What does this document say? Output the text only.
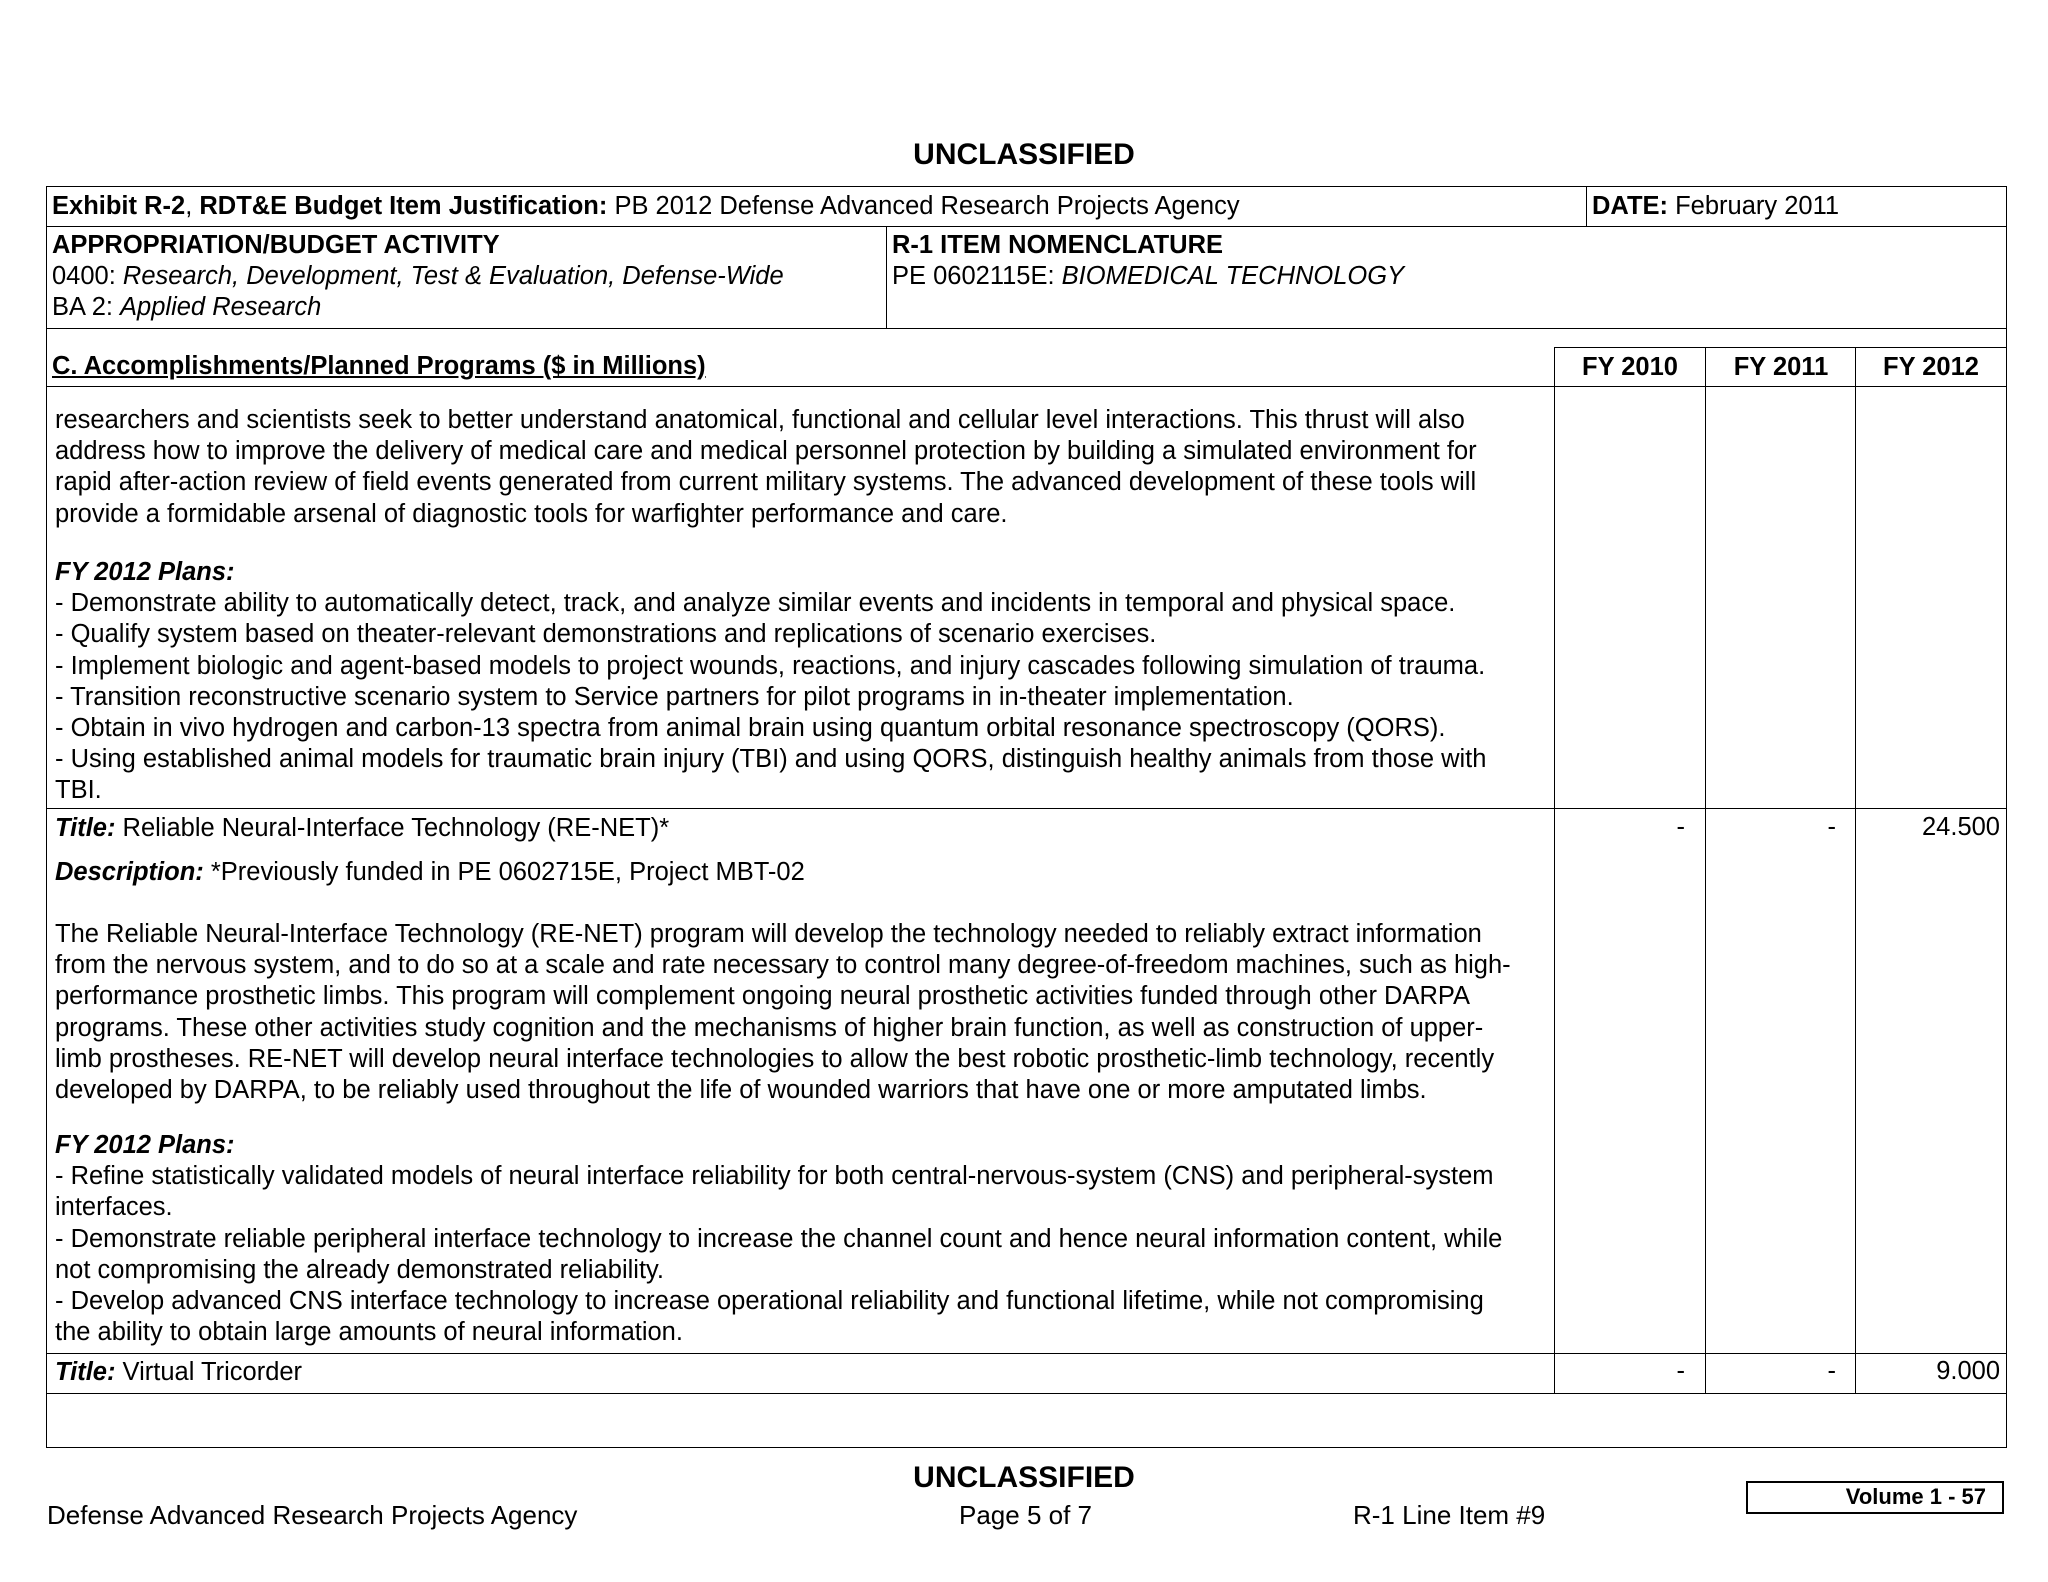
UNCLASSIFIED
Exhibit R-2, RDT&E Budget Item Justification: PB 2012 Defense Advanced Research Projects Agency	DATE: February 2011
APPROPRIATION/BUDGET ACTIVITY
0400: Research, Development, Test & Evaluation, Defense-Wide
BA 2: Applied Research
R-1 ITEM NOMENCLATURE
PE 0602115E: BIOMEDICAL TECHNOLOGY
C. Accomplishments/Planned Programs ($ in Millions)	FY 2010	FY 2011	FY 2012

researchers and scientists seek to better understand anatomical, functional and cellular level interactions. This thrust will also

address how to improve the delivery of medical care and medical personnel protection by building a simulated environment for

rapid after-action review of field events generated from current military systems. The advanced development of these tools will

provide a formidable arsenal of diagnostic tools for warfighter performance and care.

FY 2012 Plans:

- Demonstrate ability to automatically detect, track, and analyze similar events and incidents in temporal and physical space.

- Qualify system based on theater-relevant demonstrations and replications of scenario exercises.

- Implement biologic and agent-based models to project wounds, reactions, and injury cascades following simulation of trauma.

- Transition reconstructive scenario system to Service partners for pilot programs in in-theater implementation.

- Obtain in vivo hydrogen and carbon-13 spectra from animal brain using quantum orbital resonance spectroscopy (QORS).

- Using established animal models for traumatic brain injury (TBI) and using QORS, distinguish healthy animals from those with

TBI.

Title: Reliable Neural-Interface Technology (RE-NET)*	-	-	24.500
Description: *Previously funded in PE 0602715E, Project MBT-02

The Reliable Neural-Interface Technology (RE-NET) program will develop the technology needed to reliably extract information

from the nervous system, and to do so at a scale and rate necessary to control many degree-of-freedom machines, such as high-

performance prosthetic limbs. This program will complement ongoing neural prosthetic activities funded through other DARPA

programs. These other activities study cognition and the mechanisms of higher brain function, as well as construction of upper-

limb prostheses. RE-NET will develop neural interface technologies to allow the best robotic prosthetic-limb technology, recently

developed by DARPA, to be reliably used throughout the life of wounded warriors that have one or more amputated limbs.

FY 2012 Plans:

- Refine statistically validated models of neural interface reliability for both central-nervous-system (CNS) and peripheral-system

interfaces.

- Demonstrate reliable peripheral interface technology to increase the channel count and hence neural information content, while

not compromising the already demonstrated reliability.

- Develop advanced CNS interface technology to increase operational reliability and functional lifetime, while not compromising

the ability to obtain large amounts of neural information.

Title: Virtual Tricorder	-	-	9.000
UNCLASSIFIED
Defense Advanced Research Projects Agency	Page 5 of 7	R-1 Line Item #9
Volume 1 - 57
